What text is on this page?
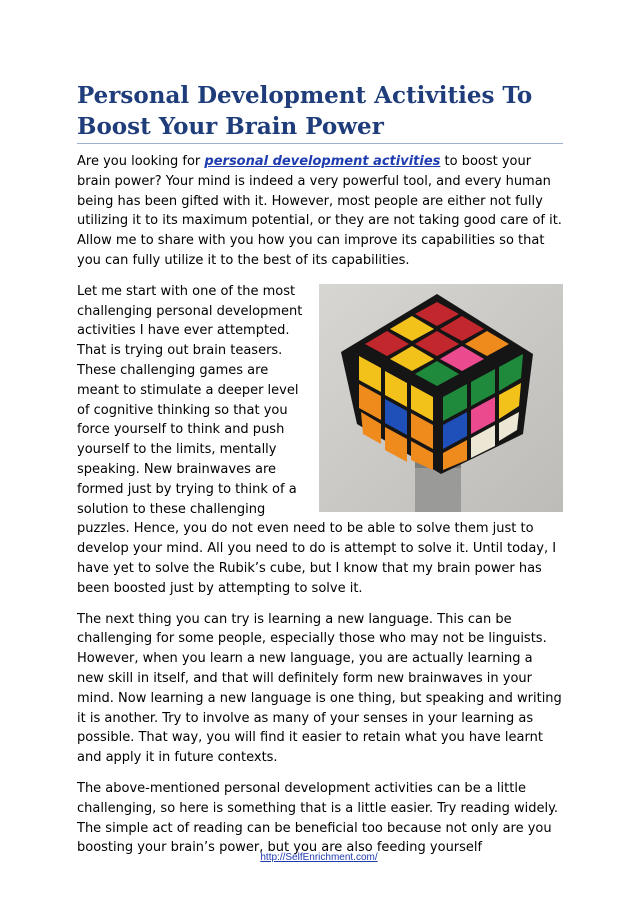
Personal Development Activities To Boost Your Brain Power

Are you looking for personal development activities to boost your brain power? Your mind is indeed a very powerful tool, and every human being has been gifted with it. However, most people are either not fully utilizing it to its maximum potential, or they are not taking good care of it. Allow me to share with you how you can improve its capabilities so that you can fully utilize it to the best of its capabilities.

Let me start with one of the most challenging personal development activities I have ever attempted. That is trying out brain teasers. These challenging games are meant to stimulate a deeper level of cognitive thinking so that you force yourself to think and push yourself to the limits, mentally speaking. New brainwaves are formed just by trying to think of a solution to these challenging puzzles. Hence, you do not even need to be able to solve them just to develop your mind. All you need to do is attempt to solve it. Until today, I have yet to solve the Rubik’s cube, but I know that my brain power has been boosted just by attempting to solve it.

The next thing you can try is learning a new language. This can be challenging for some people, especially those who may not be linguists. However, when you learn a new language, you are actually learning a new skill in itself, and that will definitely form new brainwaves in your mind. Now learning a new language is one thing, but speaking and writing it is another. Try to involve as many of your senses in your learning as possible. That way, you will find it easier to retain what you have learnt and apply it in future contexts.

The above-mentioned personal development activities can be a little challenging, so here is something that is a little easier. Try reading widely. The simple act of reading can be beneficial too because not only are you boosting your brain’s power, but you are also feeding yourself

http://SelfEnrichment.com/
